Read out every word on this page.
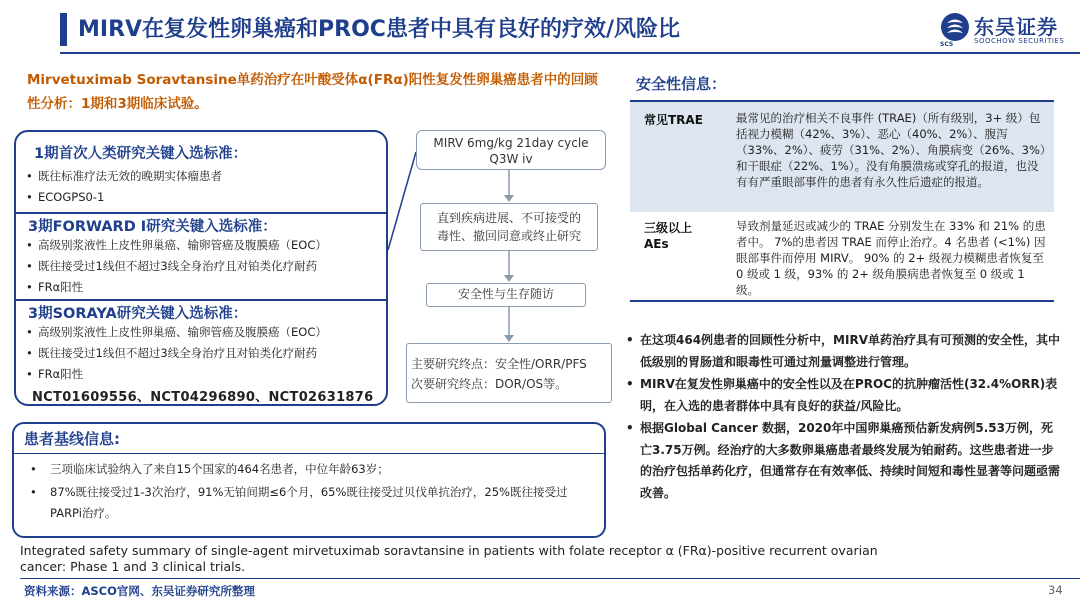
MIRV在复发性卵巢癌和PROC患者中具有良好的疗效/风险比
SCS
东吴证券
SOOCHOW SECURITIES
Mirvetuximab Soravtansine单药治疗在叶酸受体α(FRα)阳性复发性卵巢癌患者中的回顾性分析：1期和3期临床试验。
1期首次人类研究关键入选标准：
• 既往标准疗法无效的晚期实体瘤患者
• ECOGPS0-1
3期FORWARD I研究关键入选标准：
• 高级别浆液性上皮性卵巢癌、输卵管癌及腹膜癌（EOC）
• 既往接受过1线但不超过3线全身治疗且对铂类化疗耐药
• FRα阳性
3期SORAYA研究关键入选标准：
• 高级别浆液性上皮性卵巢癌、输卵管癌及腹膜癌（EOC）
• 既往接受过1线但不超过3线全身治疗且对铂类化疗耐药
• FRα阳性
NCT01609556、NCT04296890、NCT02631876
MIRV 6mg/kg 21day cycle
Q3W iv
直到疾病进展、不可接受的
毒性、撤回同意或终止研究
安全性与生存随访
主要研究终点：安全性/ORR/PFS
次要研究终点：DOR/OS等。
安全性信息：
常见TRAE	最常见的治疗相关不良事件 (TRAE)（所有级别，3+ 级）包括视力模糊（42%、3%）、恶心（40%、2%）、腹泻（33%、2%）、疲劳（31%、2%）、角膜病变（26%、3%）和干眼症（22%、1%）。没有角膜溃疡或穿孔的报道，也没有有严重眼部事件的患者有永久性后遗症的报道。
三级以上
AEs
导致剂量延迟或减少的 TRAE 分别发生在 33% 和 21% 的患者中。 7%的患者因 TRAE 而停止治疗。4 名患者 (<1%) 因眼部事件而停用 MIRV。 90% 的 2+ 级视力模糊患者恢复至 0 级或 1 级，93% 的 2+ 级角膜病患者恢复至 0 级或 1 级。
• 在这项464例患者的回顾性分析中，MIRV单药治疗具有可预测的安全性，其中低级别的胃肠道和眼毒性可通过剂量调整进行管理。
• MIRV在复发性卵巢癌中的安全性以及在PROC的抗肿瘤活性(32.4%ORR)表明，在入选的患者群体中具有良好的获益/风险比。
• 根据Global Cancer 数据，2020年中国卵巢癌预估新发病例5.53万例，死亡3.75万例。经治疗的大多数卵巢癌患者最终发展为铂耐药。这些患者进一步的治疗包括单药化疗，但通常存在有效率低、持续时间短和毒性显著等问题亟需改善。
患者基线信息:
• 三项临床试验纳入了来自15个国家的464名患者，中位年龄63岁；
• 87%既往接受过1-3次治疗，91%无铂间期≤6个月，65%既往接受过贝伐单抗治疗，25%既往接受过PARPi治疗。
Integrated safety summary of single-agent mirvetuximab soravtansine in patients with folate receptor α (FRα)-positive recurrent ovarian cancer: Phase 1 and 3 clinical trials.
资料来源：ASCO官网、东吴证券研究所整理	34
